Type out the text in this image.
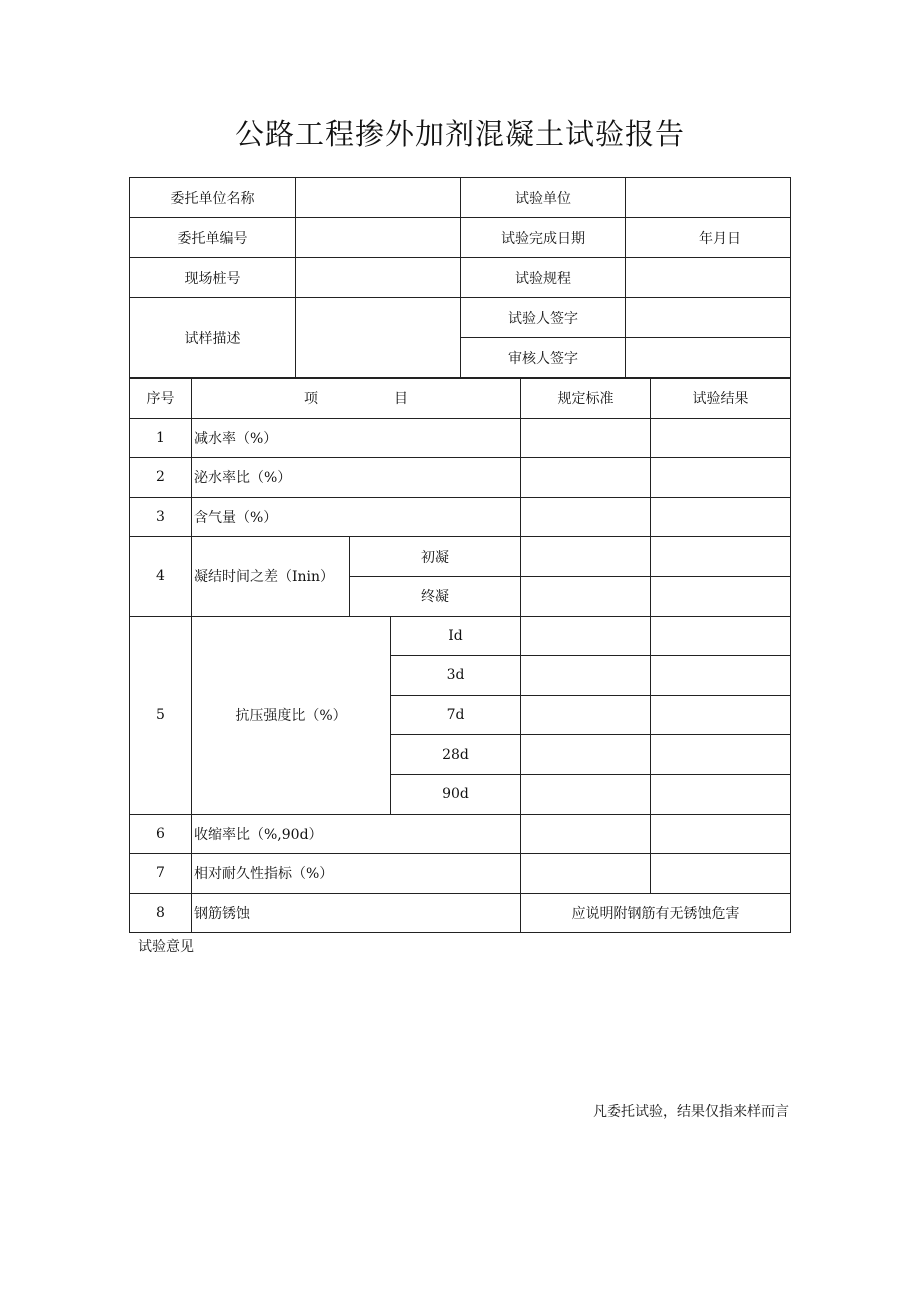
公路工程掺外加剂混凝土试验报告
委托单位名称		试验单位	
委托单编号		试验完成日期	年月日
现场桩号		试验规程	
试样描述		试验人签字	
		审核人签字	
序号	项 目			规定标准	试验结果
1	减水率（%）				
2	泌水率比（%）				
3	含气量（%）				
4	凝结时间之差（Inin）	初凝			
		终凝			
5	抗压强度比（%）		Id		
			3d		
			7d		
			28d		
			90d		
6	收缩率比（%,90d）				
7	相对耐久性指标（%）				
8	钢筋锈蚀			应说明附钢筋有无锈蚀危害	
试验意见
凡委托试验，结果仅指来样而言
